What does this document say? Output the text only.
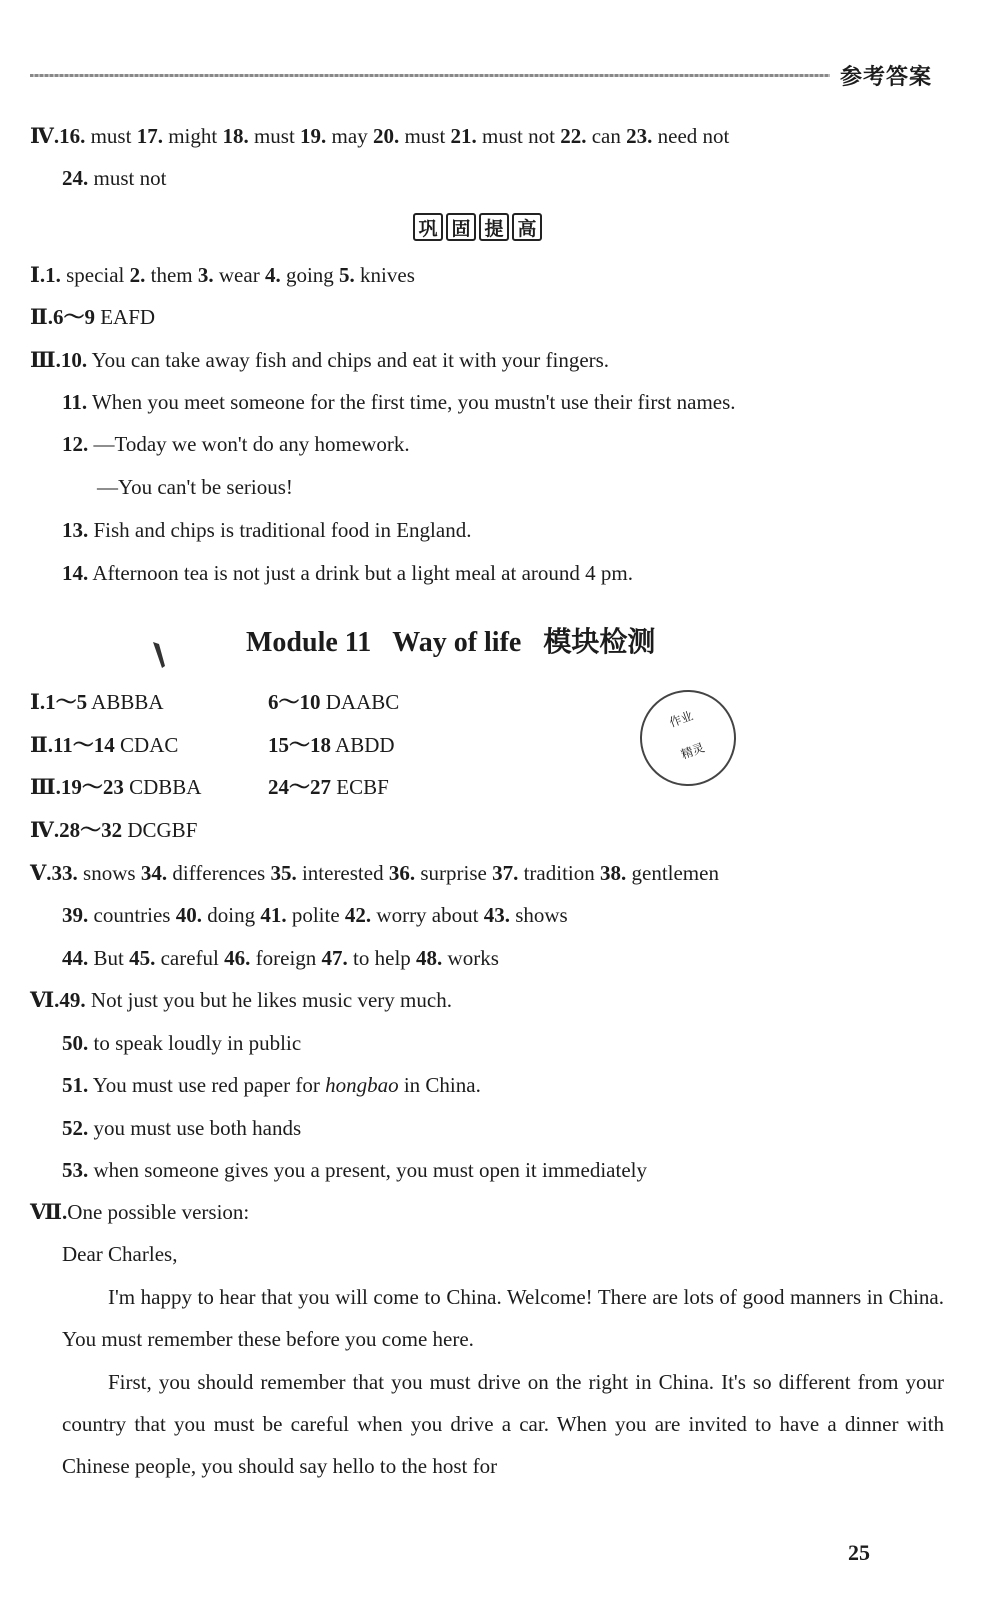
参考答案
Ⅳ.16. must 17. might 18. must 19. may 20. must 21. must not 22. can 23. need not
24. must not
巩 固 提 高
Ⅰ.1. special 2. them 3. wear 4. going 5. knives
Ⅱ.6～9 EAFD
Ⅲ.10. You can take away fish and chips and eat it with your fingers.
11. When you meet someone for the first time, you mustn't use their first names.
12. —Today we won't do any homework.
—You can't be serious!
13. Fish and chips is traditional food in England.
14. Afternoon tea is not just a drink but a light meal at around 4 pm.
Module 11 Way of life 模块检测
Ⅰ.1～5 ABBBA	6～10 DAABC
Ⅱ.11～14 CDAC	15～18 ABDD
Ⅲ.19～23 CDBBA	24～27 ECBF
Ⅳ.28～32 DCGBF
作业
精灵
Ⅴ.33. snows 34. differences 35. interested 36. surprise 37. tradition 38. gentlemen
39. countries 40. doing 41. polite 42. worry about 43. shows
44. But 45. careful 46. foreign 47. to help 48. works
Ⅵ.49. Not just you but he likes music very much.
50. to speak loudly in public
51. You must use red paper for hongbao in China.
52. you must use both hands
53. when someone gives you a present, you must open it immediately
Ⅶ.One possible version:
Dear Charles,
I'm happy to hear that you will come to China. Welcome! There are lots of good manners in China. You must remember these before you come here.
First, you should remember that you must drive on the right in China. It's so different from your country that you must be careful when you drive a car. When you are invited to have a dinner with Chinese people, you should say hello to the host for
25
